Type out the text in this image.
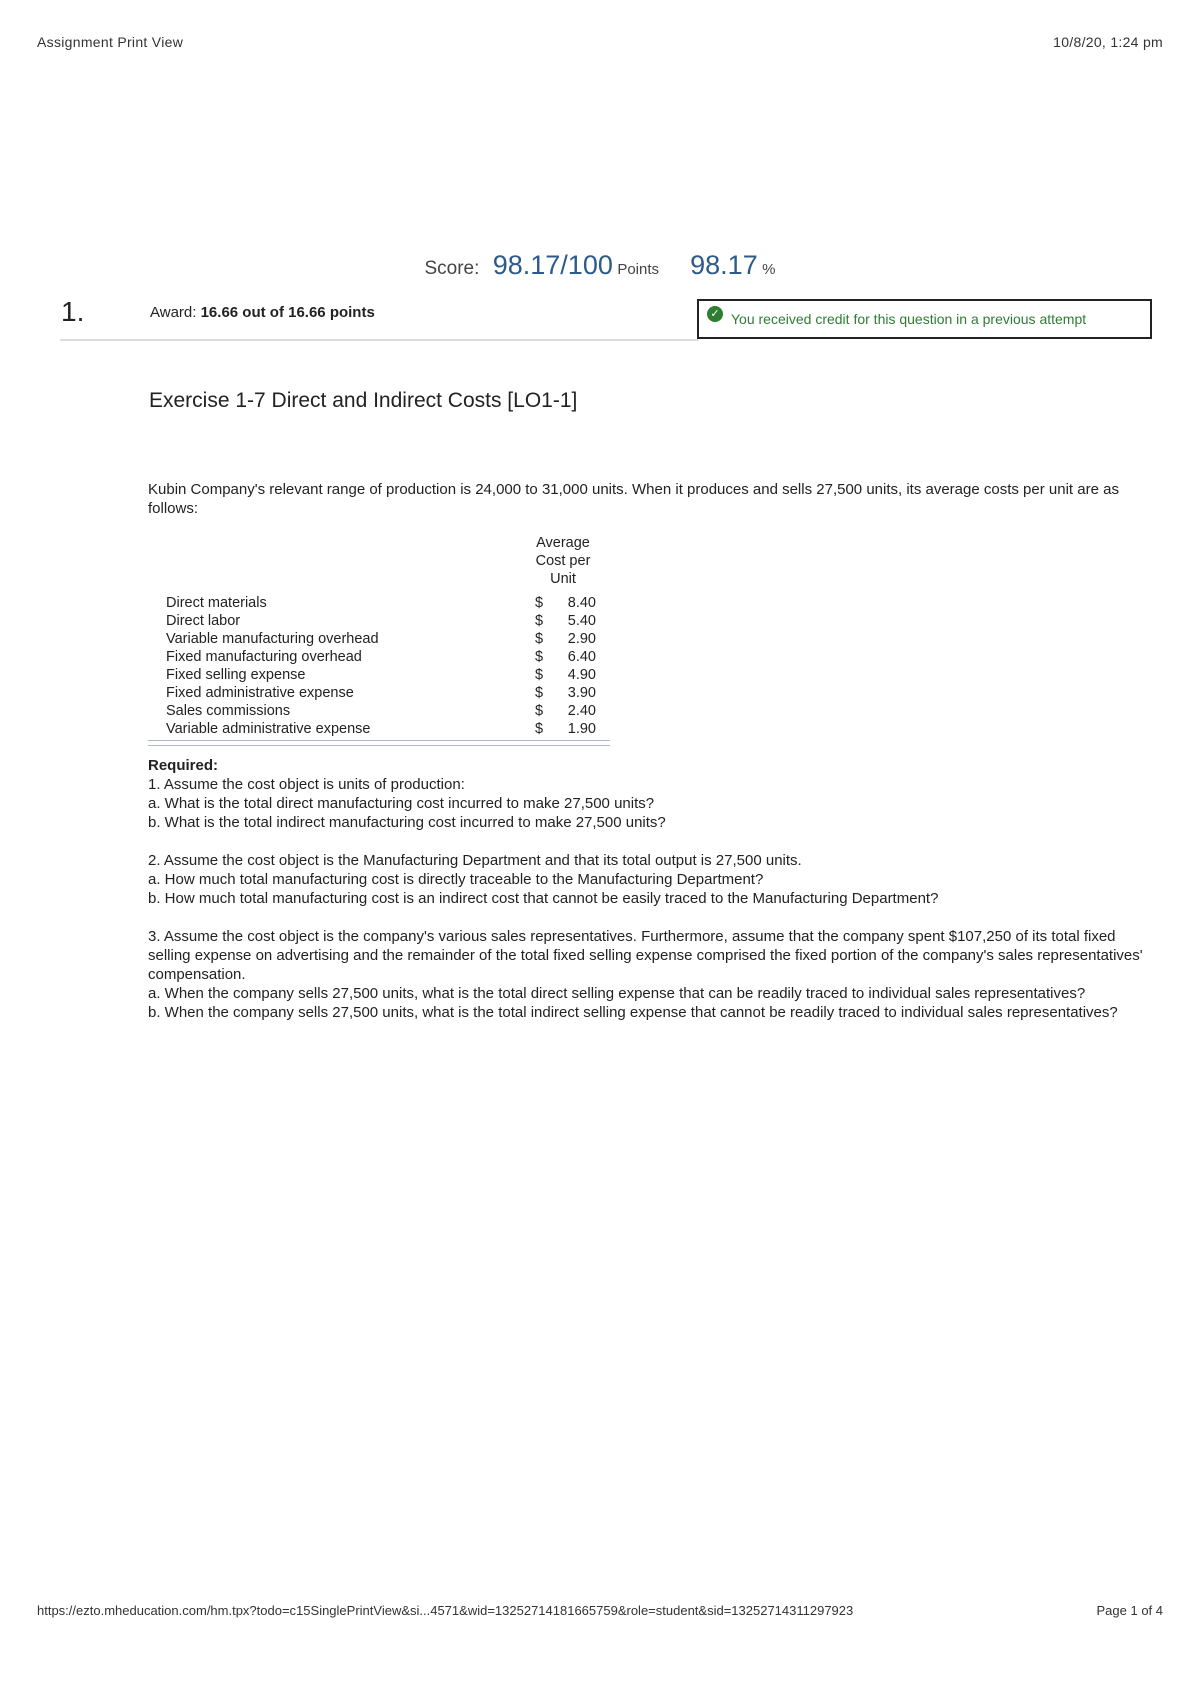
Assignment Print View	10/8/20, 1:24 pm
Score: 98.17/100 Points 98.17 %
1.	Award: 16.66 out of 16.66 points	✓ You received credit for this question in a previous attempt
Exercise 1-7 Direct and Indirect Costs [LO1-1]
Kubin Company's relevant range of production is 24,000 to 31,000 units. When it produces and sells 27,500 units, its average costs per unit are as follows:
Average
Cost per
Unit
Direct materials	$	8.40
Direct labor	$	5.40
Variable manufacturing overhead	$	2.90
Fixed manufacturing overhead	$	6.40
Fixed selling expense	$	4.90
Fixed administrative expense	$	3.90
Sales commissions	$	2.40
Variable administrative expense	$	1.90

Required:

1. Assume the cost object is units of production:

a. What is the total direct manufacturing cost incurred to make 27,500 units?

b. What is the total indirect manufacturing cost incurred to make 27,500 units?

2. Assume the cost object is the Manufacturing Department and that its total output is 27,500 units.

a. How much total manufacturing cost is directly traceable to the Manufacturing Department?

b. How much total manufacturing cost is an indirect cost that cannot be easily traced to the Manufacturing Department?

3. Assume the cost object is the company's various sales representatives. Furthermore, assume that the company spent $107,250 of its total fixed selling expense on advertising and the remainder of the total fixed selling expense comprised the fixed portion of the company's sales representatives' compensation.

a. When the company sells 27,500 units, what is the total direct selling expense that can be readily traced to individual sales representatives?

b. When the company sells 27,500 units, what is the total indirect selling expense that cannot be readily traced to individual sales representatives?

https://ezto.mheducation.com/hm.tpx?todo=c15SinglePrintView&si...4571&wid=13252714181665759&role=student&sid=13252714311297923	Page 1 of 4
